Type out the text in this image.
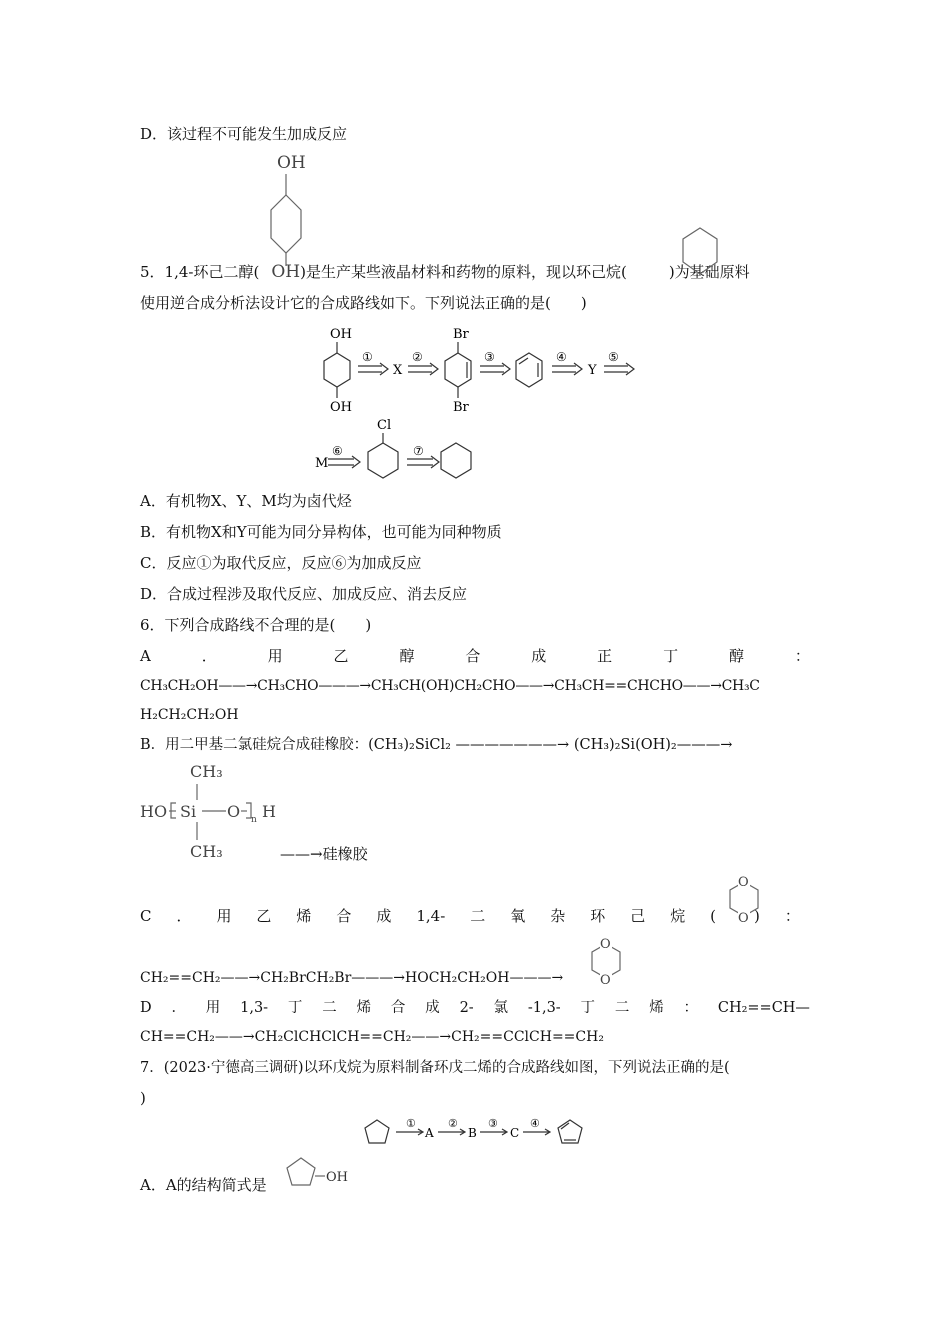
D．该过程不可能发生加成反应
OH
5．1,4-环己二醇( OH)是生产某些液晶材料和药物的原料，现以环己烷(	)为基础原料
使用逆合成分析法设计它的合成路线如下。下列说法正确的是(　　)
OH
OH
①
X
②
Br
Br
③	④
Y
⑤
M
⑥
Cl
⑦
A．有机物X、Y、M均为卤代烃
B．有机物X和Y可能为同分异构体，也可能为同种物质
C．反应①为取代反应，反应⑥为加成反应
D．合成过程涉及取代反应、加成反应、消去反应
6．下列合成路线不合理的是(　　)
A	．	用	乙	醇	合	成	正	丁	醇	：
CH₃CH₂OH——→CH₃CHO———→CH₃CH(OH)CH₂CHO——→CH₃CH==CHCHO——→CH₃C
H₂CH₂CH₂OH
B．用二甲基二氯硅烷合成硅橡胶：(CH₃)₂SiCl₂ ———————→ (CH₃)₂Si(OH)₂———→
CH₃
HO Si O n H
CH₃	——→硅橡胶
C ． 用 乙 烯 合 成 1,4- 二 氧 杂 环 己 烷 (	) ：
O
O
CH₂==CH₂——→CH₂BrCH₂Br———→HOCH₂CH₂OH———→
O
O
D ． 用 1,3- 丁 二 烯 合 成 2- 氯 -1,3- 丁 二 烯 ： CH₂==CH—
CH==CH₂——→CH₂ClCHClCH==CH₂——→CH₂==CClCH==CH₂
7．(2023·宁德高三调研)以环戊烷为原料制备环戊二烯的合成路线如图，下列说法正确的是(
)
①
A
②
B
③
C
④
A．A的结构简式是	OH
